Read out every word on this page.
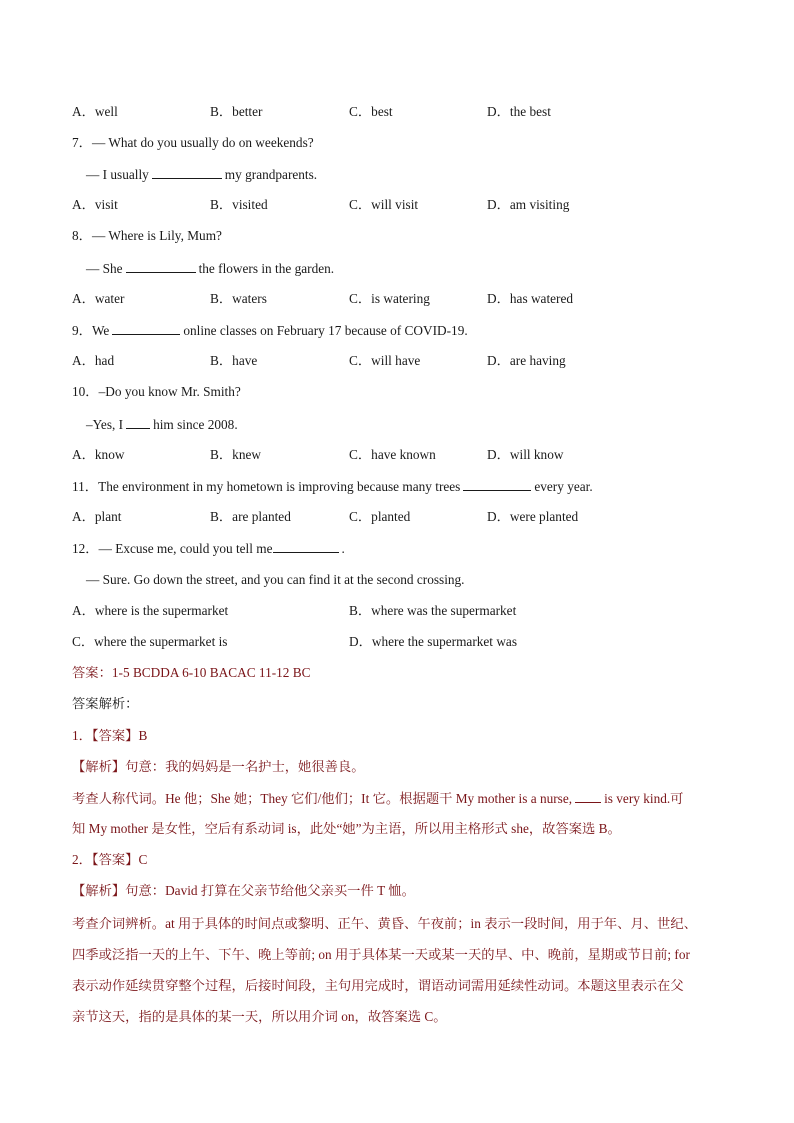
A．well	B．better	C．best	D．the best
7．— What do you usually do on weekends?
— I usually	my grandparents.
A．visit	B．visited	C．will visit	D．am visiting
8．— Where is Lily, Mum?
— She	the flowers in the garden.
A．water	B．waters	C．is watering	D．has watered
9．We	online classes on February 17 because of COVID-19.
A．had	B．have	C．will have	D．are having
10．–Do you know Mr. Smith?
–Yes, I him since 2008.
A．know	B．knew	C．have known	D．will know
11．The environment in my hometown is improving because many trees	every year.
A．plant	B．are planted	C．planted	D．were planted
12．— Excuse me, could you tell me	.
— Sure. Go down the street, and you can find it at the second crossing.
A．where is the supermarket	B．where was the supermarket
C．where the supermarket is	D．where the supermarket was
答案：1-5 BCDDA 6-10 BACAC 11-12 BC
答案解析：
1．【答案】B
【解析】句意：我的妈妈是一名护士，她很善良。
考查人称代词。He 他；She 她；They 它们/他们；It 它。根据题干 My mother is a nurse, is very kind.可
知 My mother 是女性，空后有系动词 is，此处“她”为主语，所以用主格形式 she，故答案选 B。
2．【答案】C
【解析】句意：David 打算在父亲节给他父亲买一件 T 恤。
考查介词辨析。at 用于具体的时间点或黎明、正午、黄昏、午夜前；in 表示一段时间，用于年、月、世纪、
四季或泛指一天的上午、下午、晚上等前; on 用于具体某一天或某一天的早、中、晚前，星期或节日前; for
表示动作延续贯穿整个过程，后接时间段，主句用完成时，谓语动词需用延续性动词。本题这里表示在父
亲节这天，指的是具体的某一天，所以用介词 on，故答案选 C。
